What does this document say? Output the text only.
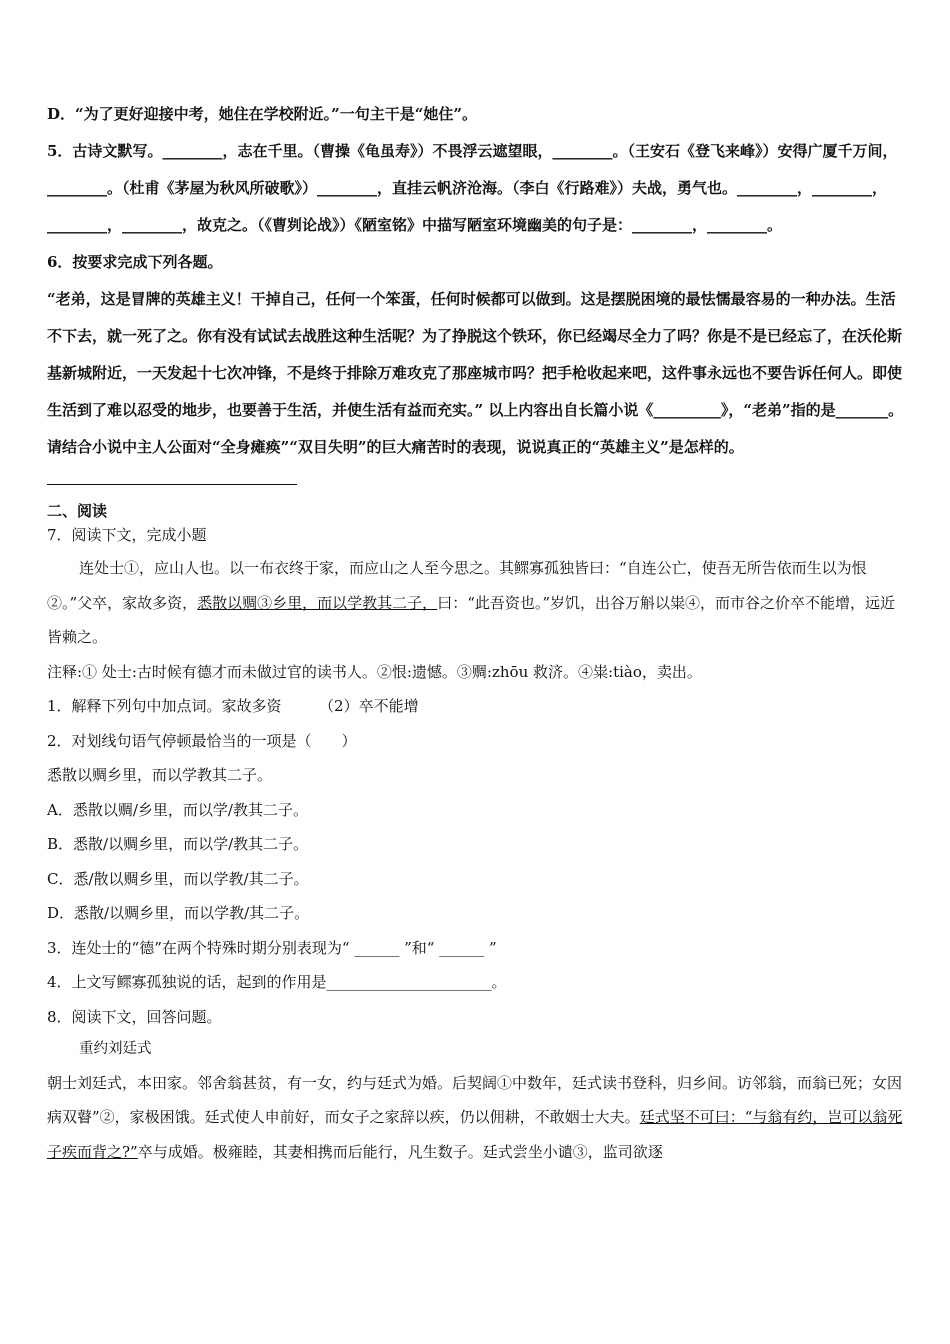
D．“为了更好迎接中考，她住在学校附近。”一句主干是“她住”。

5．古诗文默写。________，志在千里。（曹操《龟虽寿》）不畏浮云遮望眼，________。（王安石《登飞来峰》）安得广厦千万间，________。（杜甫《茅屋为秋风所破歌》）________，直挂云帆济沧海。（李白《行路难》）夫战，勇气也。________，________，________，________，故克之。（《曹刿论战》）《陋室铭》中描写陋室环境幽美的句子是：________，________。

6．按要求完成下列各题。

“老弟，这是冒牌的英雄主义！干掉自己，任何一个笨蛋，任何时候都可以做到。这是摆脱困境的最怯懦最容易的一种办法。生活不下去，就一死了之。你有没有试试去战胜这种生活呢？为了挣脱这个铁环，你已经竭尽全力了吗？你是不是已经忘了，在沃伦斯基新城附近，一天发起十七次冲锋，不是终于排除万难攻克了那座城市吗？把手枪收起来吧，这件事永远也不要告诉任何人。即使生活到了难以忍受的地步，也要善于生活，并使生活有益而充实。” 以上内容出自长篇小说《_________》，“老弟”指的是_______。请结合小说中主人公面对“全身瘫痪”“双目失明”的巨大痛苦时的表现，说说真正的“英雄主义”是怎样的。

二、阅读

7．阅读下文，完成小题

连处士①，应山人也。以一布衣终于家，而应山之人至今思之。其鳏寡孤独皆曰：“自连公亡，使吾无所告依而生以为恨②。”父卒，家故多资，悉散以赒③乡里，而以学教其二子，曰：“此吾资也。”岁饥，出谷万斛以粜④，而市谷之价卒不能增，远近皆赖之。

注释:① 处士:古时候有德才而未做过官的读书人。②恨:遗憾。③赒:zhōu 救济。④粜:tiào，卖出。

1．解释下列句中加点词。家故多资　　　（2）卒不能增

2．对划线句语气停顿最恰当的一项是（　　）

悉散以赒乡里，而以学教其二子。

A．悉散以赒/乡里，而以学/教其二子。

B．悉散/以赒乡里，而以学/教其二子。

C．悉/散以赒乡里，而以学教/其二子。

D．悉散/以赒乡里，而以学教/其二子。

3．连处士的“德”在两个特殊时期分别表现为“ ______ ”和“ ______ ”

4．上文写鳏寡孤独说的话，起到的作用是______________________。

8．阅读下文，回答问题。

重约刘廷式

朝士刘廷式，本田家。邻舍翁甚贫，有一女，约与廷式为婚。后契阔①中数年，廷式读书登科，归乡间。访邻翁，而翁已死；女因病双瞽”②，家极困饿。廷式使人申前好，而女子之家辞以疾，仍以佣耕，不敢姻士大夫。廷式坚不可曰：“与翁有约，岂可以翁死子疾而背之?”卒与成婚。极雍睦，其妻相携而后能行，凡生数子。廷式尝坐小谴③，监司欲逐
